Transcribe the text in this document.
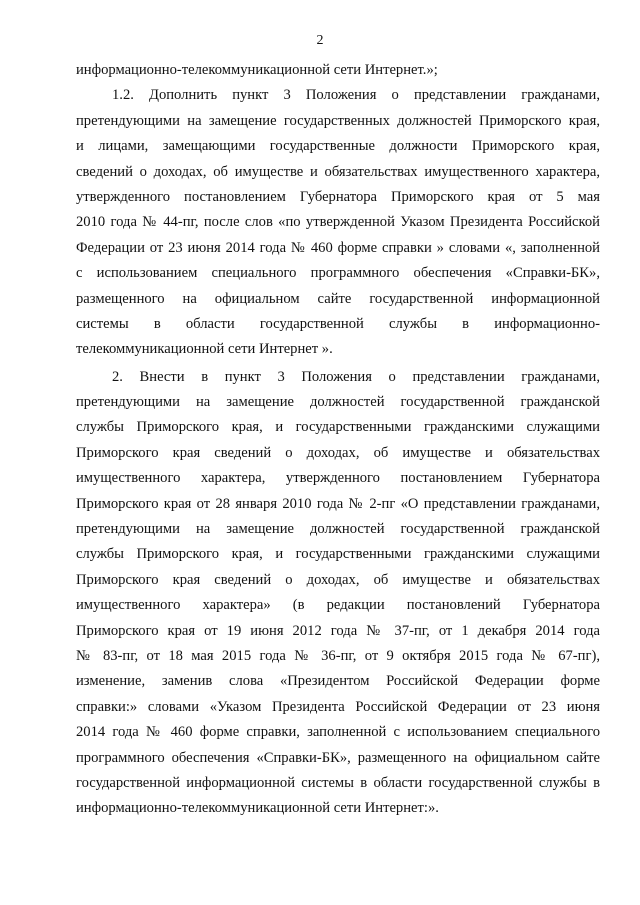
2
информационно-телекоммуникационной сети Интернет.»;
1.2. Дополнить пункт 3 Положения о представлении гражданами,
претендующими на замещение государственных должностей Приморского края,
и лицами, замещающими государственные должности Приморского края,
сведений о доходах, об имуществе и обязательствах имущественного характера,
утвержденного постановлением Губернатора Приморского края от 5 мая
2010 года № 44-пг, после слов «по утвержденной Указом Президента Российской
Федерации от 23 июня 2014 года № 460 форме справки » словами «, заполненной
с использованием специального программного обеспечения «Справки-БК»,
размещенного на официальном сайте государственной информационной
системы в области государственной службы в информационно-
телекоммуникационной сети Интернет ».
2. Внести в пункт 3 Положения о представлении гражданами,
претендующими на замещение должностей государственной гражданской
службы Приморского края, и государственными гражданскими служащими
Приморского края сведений о доходах, об имуществе и обязательствах
имущественного характера, утвержденного постановлением Губернатора
Приморского края от 28 января 2010 года № 2-пг «О представлении гражданами,
претендующими на замещение должностей государственной гражданской
службы Приморского края, и государственными гражданскими служащими
Приморского края сведений о доходах, об имуществе и обязательствах
имущественного характера» (в редакции постановлений Губернатора
Приморского края от 19 июня 2012 года № 37-пг, от 1 декабря 2014 года
№ 83-пг, от 18 мая 2015 года № 36-пг, от 9 октября 2015 года № 67-пг),
изменение, заменив слова «Президентом Российской Федерации форме
справки:» словами «Указом Президента Российской Федерации от 23 июня
2014 года № 460 форме справки, заполненной с использованием специального
программного обеспечения «Справки-БК», размещенного на официальном сайте
государственной информационной системы в области государственной службы в
информационно-телекоммуникационной сети Интернет:».
